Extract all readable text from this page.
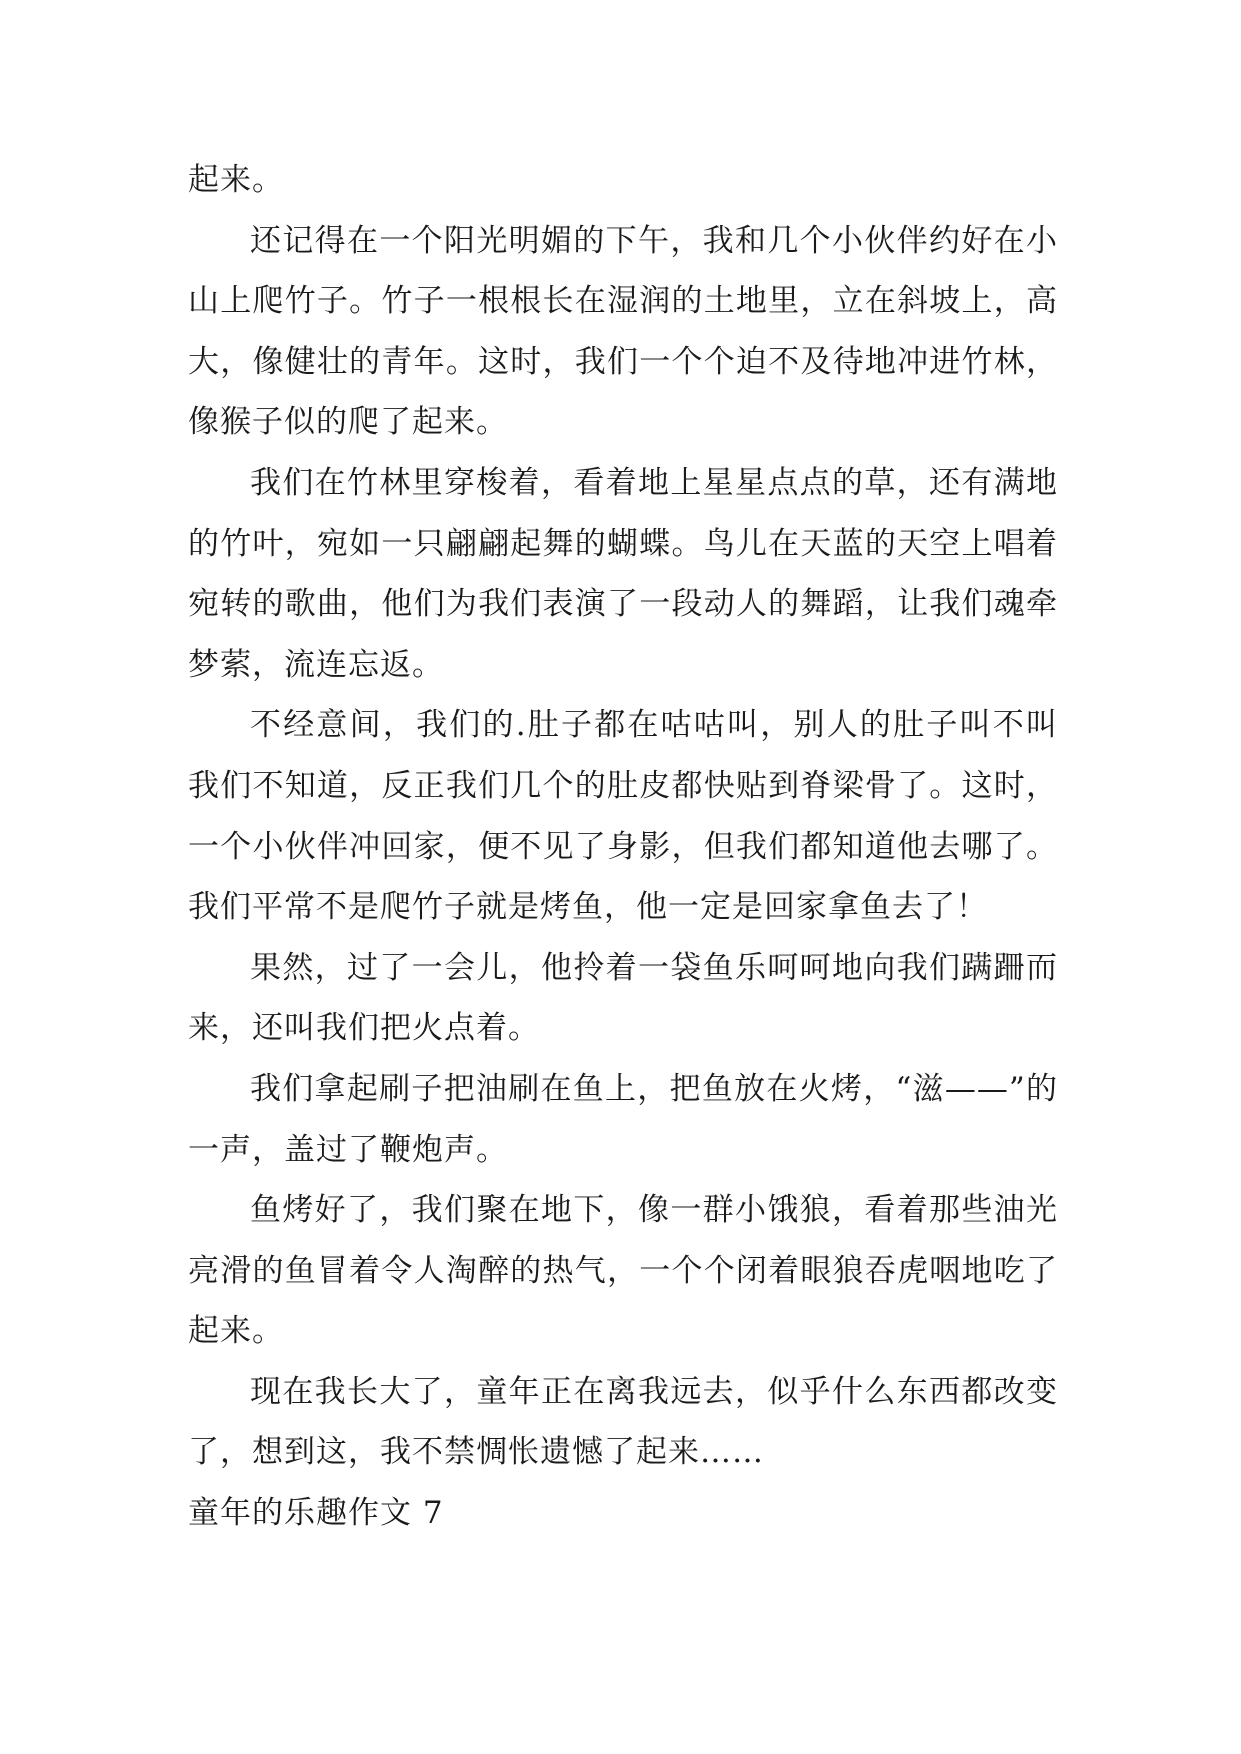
起来。

还记得在一个阳光明媚的下午，我和几个小伙伴约好在小山上爬竹子。竹子一根根长在湿润的土地里，立在斜坡上，高大，像健壮的青年。这时，我们一个个迫不及待地冲进竹林，像猴子似的爬了起来。

我们在竹林里穿梭着，看着地上星星点点的草，还有满地的竹叶，宛如一只翩翩起舞的蝴蝶。鸟儿在天蓝的天空上唱着宛转的歌曲，他们为我们表演了一段动人的舞蹈，让我们魂牵梦萦，流连忘返。

不经意间，我们的.肚子都在咕咕叫，别人的肚子叫不叫我们不知道，反正我们几个的肚皮都快贴到脊梁骨了。这时，一个小伙伴冲回家，便不见了身影，但我们都知道他去哪了。我们平常不是爬竹子就是烤鱼，他一定是回家拿鱼去了！

果然，过了一会儿，他拎着一袋鱼乐呵呵地向我们蹒跚而来，还叫我们把火点着。

我们拿起刷子把油刷在鱼上，把鱼放在火烤，“滋——”的一声，盖过了鞭炮声。

鱼烤好了，我们聚在地下，像一群小饿狼，看着那些油光亮滑的鱼冒着令人淘醉的热气，一个个闭着眼狼吞虎咽地吃了起来。

现在我长大了，童年正在离我远去，似乎什么东西都改变了，想到这，我不禁惆怅遗憾了起来……

童年的乐趣作文 7
